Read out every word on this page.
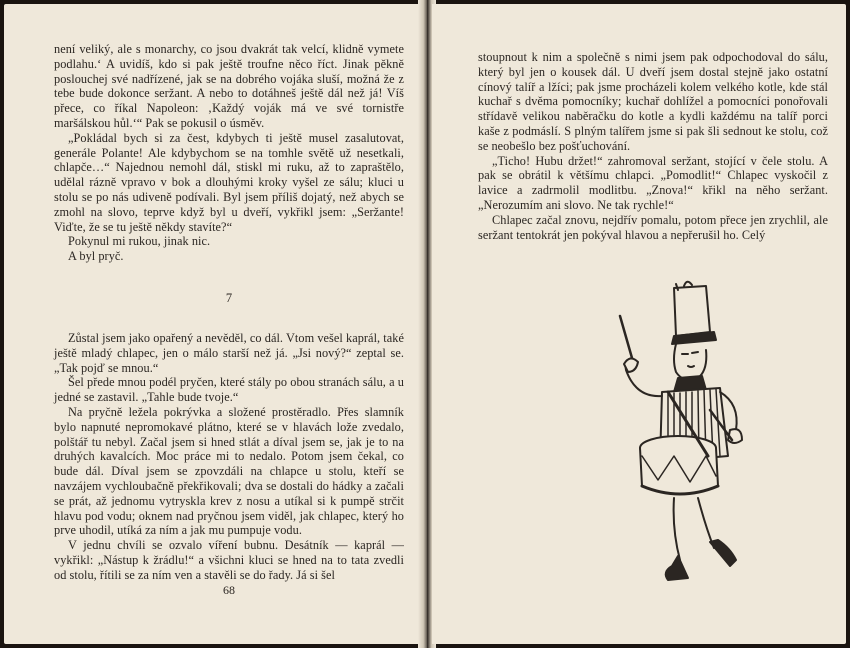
není veliký, ale s monarchy, co jsou dvakrát tak velcí, klidně vymete podlahu.‘ A uvidíš, kdo si pak ještě troufne něco říct. Jinak pěkně poslouchej své nadřízené, jak se na dobrého vojáka sluší, možná že z tebe bude dokonce seržant. A nebo to dotáhneš ještě dál než já! Víš přece, co říkal Napoleon: ‚Každý voják má ve své tornistře maršálskou hůl.‘“ Pak se pokusil o úsměv.

„Pokládal bych si za čest, kdybych ti ještě musel zasalutovat, generále Polante! Ale kdybychom se na tomhle světě už nesetkali, chlapče…“ Najednou nemohl dál, stiskl mi ruku, až to zapraštělo, udělal rázně vpravo v bok a dlouhými kroky vyšel ze sálu; kluci u stolu se po nás udiveně podívali. Byl jsem příliš dojatý, než abych se zmohl na slovo, teprve když byl u dveří, vykřikl jsem: „Seržante! Viďte, že se tu ještě někdy stavíte?“

Pokynul mi rukou, jinak nic.

A byl pryč.

7

Zůstal jsem jako opařený a nevěděl, co dál. Vtom vešel kaprál, také ještě mladý chlapec, jen o málo starší než já. „Jsi nový?“ zeptal se. „Tak pojď se mnou.“

Šel přede mnou podél pryčen, které stály po obou stranách sálu, a u jedné se zastavil. „Tahle bude tvoje.“

Na pryčně ležela pokrývka a složené prostěradlo. Přes slamník bylo napnuté nepromokavé plátno, které se v hlavách lože zvedalo, polštář tu nebyl. Začal jsem si hned stlát a díval jsem se, jak je to na druhých kavalcích. Moc práce mi to nedalo. Potom jsem čekal, co bude dál. Díval jsem se zpovzdáli na chlapce u stolu, kteří se navzájem vychloubačně překřikovali; dva se dostali do hádky a začali se prát, až jednomu vytryskla krev z nosu a utíkal si k pumpě strčit hlavu pod vodu; oknem nad pryčnou jsem viděl, jak chlapec, který ho prve uhodil, utíká za ním a jak mu pumpuje vodu.

V jednu chvíli se ozvalo víření bubnu. Desátník — kaprál — vykřikl: „Nástup k žrádlu!“ a všichni kluci se hned na to tata zvedli od stolu, řítili se za ním ven a stavěli se do řady. Já si šel

68

stoupnout k nim a společně s nimi jsem pak odpochodoval do sálu, který byl jen o kousek dál. U dveří jsem dostal stejně jako ostatní cínový talíř a lžíci; pak jsme procházeli kolem velkého kotle, kde stál kuchař s dvěma pomocníky; kuchař dohlížel a pomocníci ponořovali střídavě velikou naběračku do kotle a kydli každému na talíř porci kaše z podmáslí. S plným talířem jsme si pak šli sednout ke stolu, což se neobešlo bez pošťuchování.

„Ticho! Hubu držet!“ zahromoval seržant, stojící v čele stolu. A pak se obrátil k většímu chlapci. „Pomodlit!“ Chlapec vyskočil z lavice a zadrmolil modlitbu. „Znova!“ křikl na něho seržant. „Nerozumím ani slovo. Ne tak rychle!“

Chlapec začal znovu, nejdřív pomalu, potom přece jen zrychlil, ale seržant tentokrát jen pokýval hlavou a nepřerušil ho. Celý
